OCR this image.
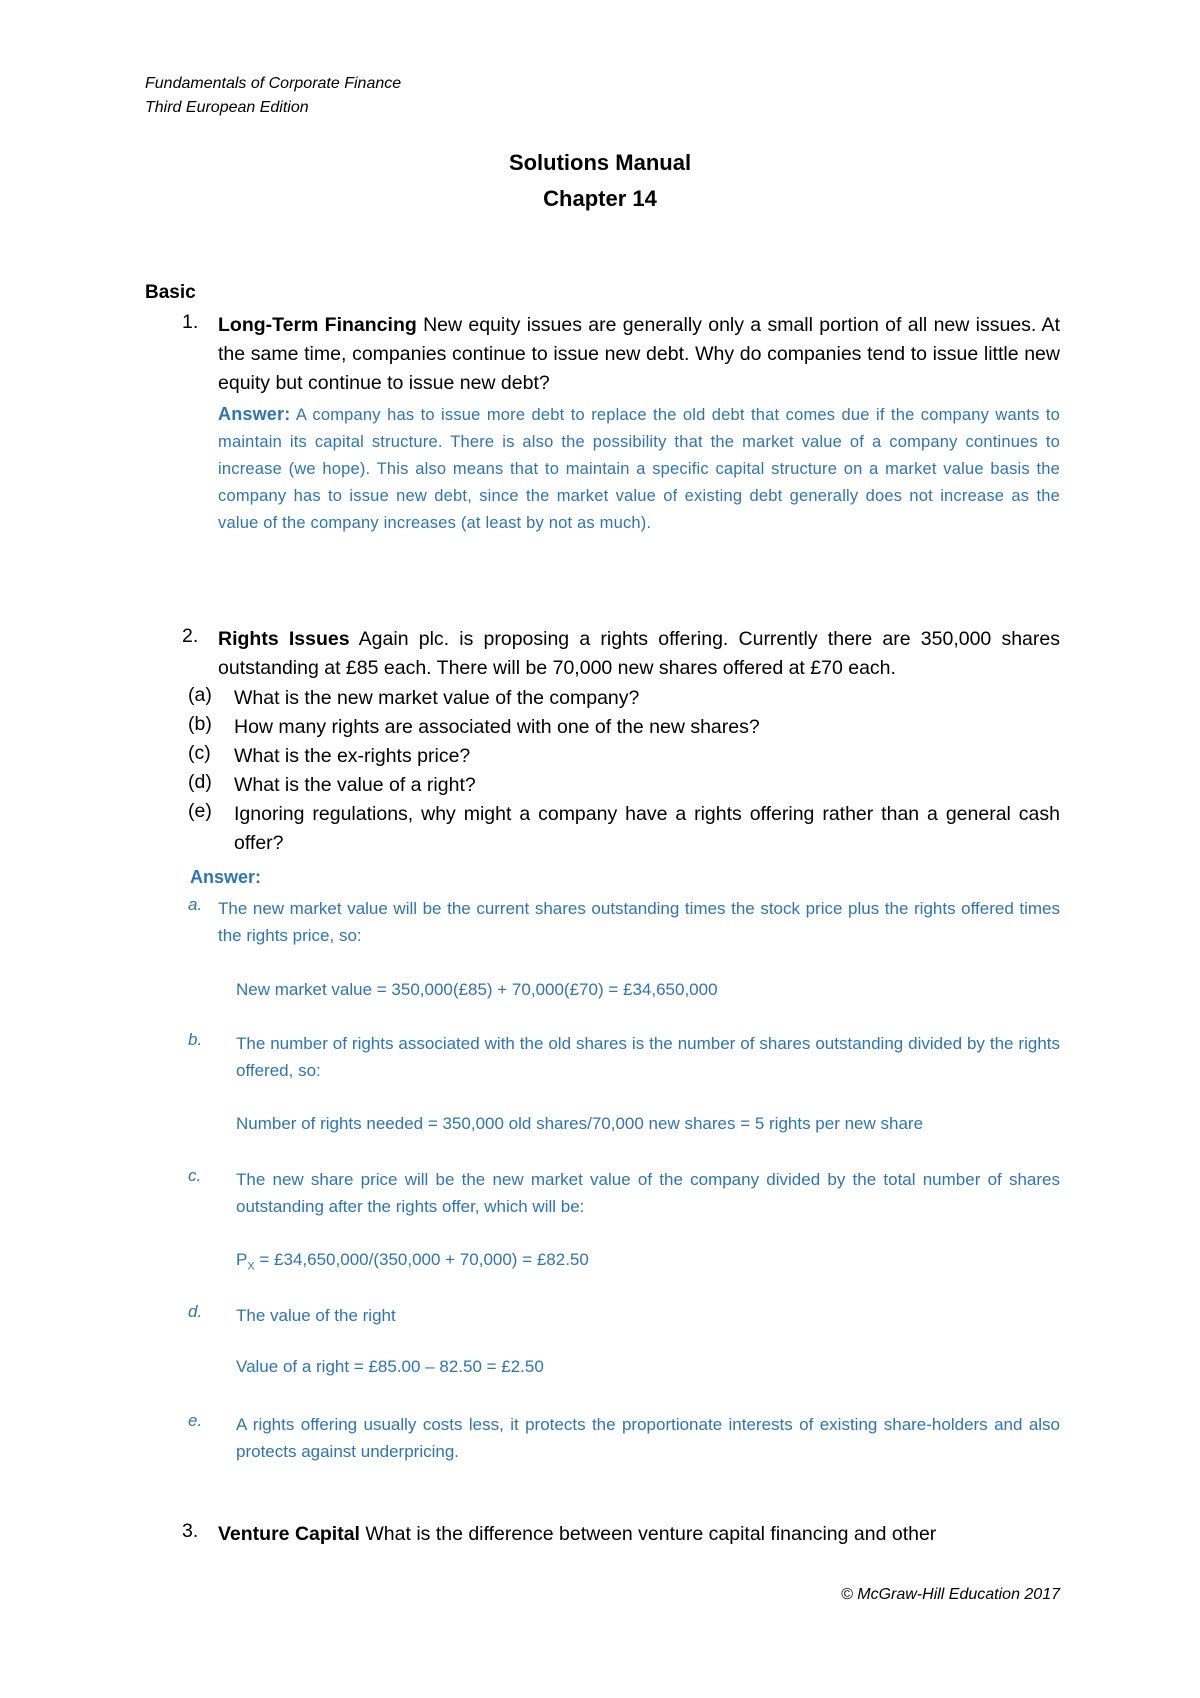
Fundamentals of Corporate Finance
Third European Edition
Solutions Manual
Chapter 14
Basic
1. Long-Term Financing New equity issues are generally only a small portion of all new issues. At the same time, companies continue to issue new debt. Why do companies tend to issue little new equity but continue to issue new debt?
Answer: A company has to issue more debt to replace the old debt that comes due if the company wants to maintain its capital structure. There is also the possibility that the market value of a company continues to increase (we hope). This also means that to maintain a specific capital structure on a market value basis the company has to issue new debt, since the market value of existing debt generally does not increase as the value of the company increases (at least by not as much).
2. Rights Issues Again plc. is proposing a rights offering. Currently there are 350,000 shares outstanding at £85 each. There will be 70,000 new shares offered at £70 each.
(a) What is the new market value of the company?
(b) How many rights are associated with one of the new shares?
(c) What is the ex-rights price?
(d) What is the value of a right?
(e) Ignoring regulations, why might a company have a rights offering rather than a general cash offer?
Answer:
a. The new market value will be the current shares outstanding times the stock price plus the rights offered times the rights price, so:
New market value = 350,000(£85) + 70,000(£70) = £34,650,000
b. The number of rights associated with the old shares is the number of shares outstanding divided by the rights offered, so:
Number of rights needed = 350,000 old shares/70,000 new shares = 5 rights per new share
c. The new share price will be the new market value of the company divided by the total number of shares outstanding after the rights offer, which will be:
$P_X$ = £34,650,000/(350,000 + 70,000) = £82.50
d. The value of the right
Value of a right = £85.00 – 82.50 = £2.50
e. A rights offering usually costs less, it protects the proportionate interests of existing share-holders and also protects against underpricing.
3. Venture Capital What is the difference between venture capital financing and other
© McGraw-Hill Education 2017
